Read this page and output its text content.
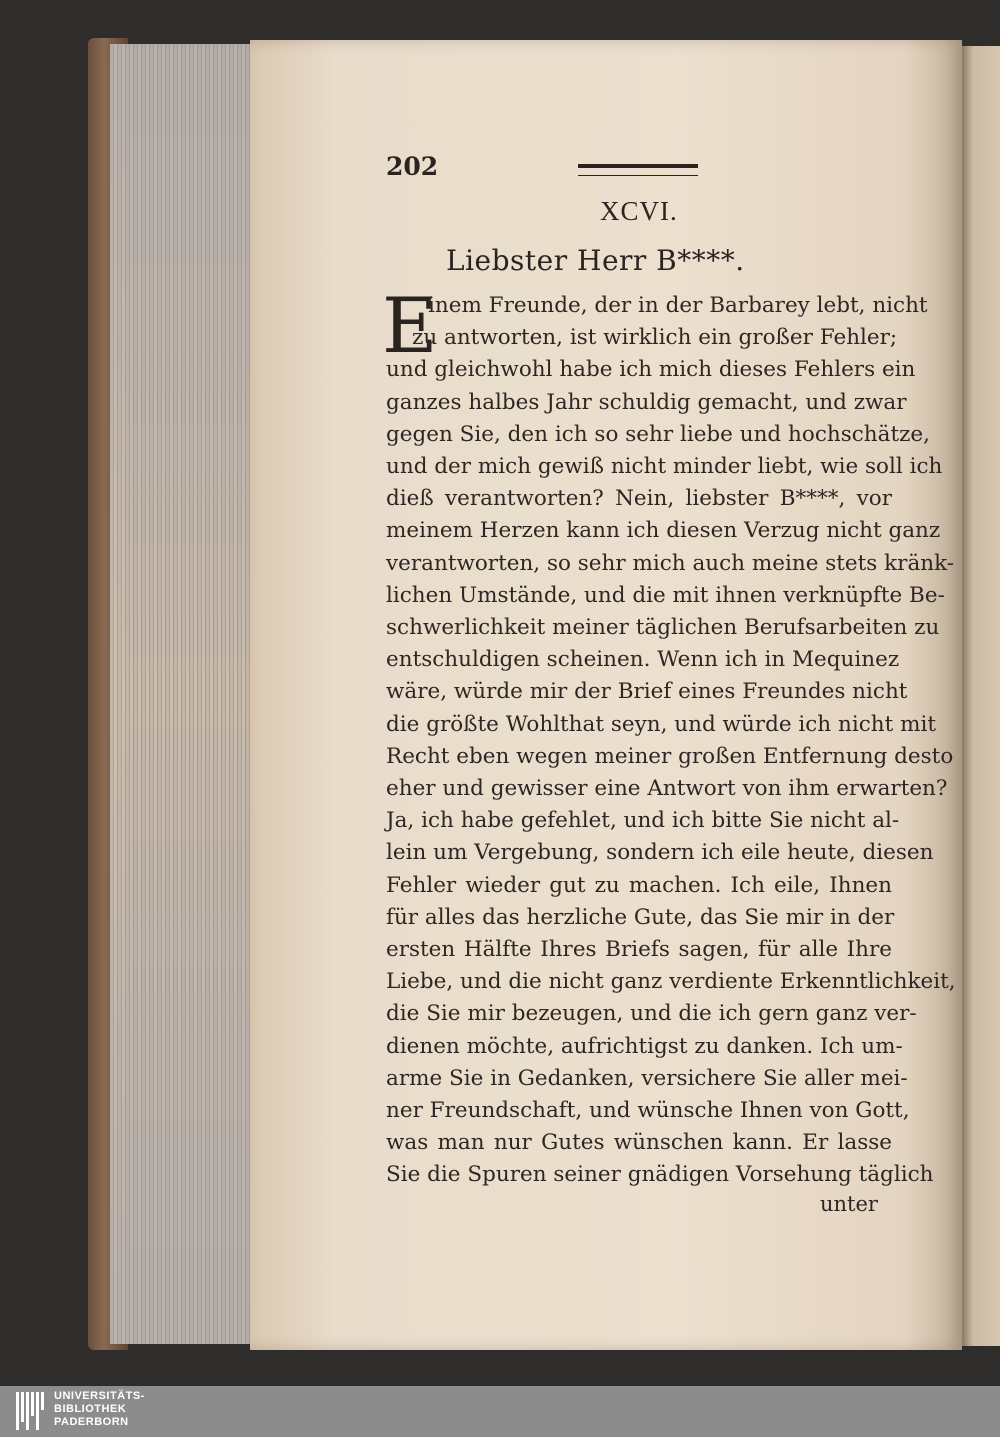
202
XCVI.
Liebster Herr B****.
E
inem Freunde, der in der Barbarey lebt, nicht
zu antworten, ist wirklich ein großer Fehler;
und gleichwohl habe ich mich dieses Fehlers ein
ganzes halbes Jahr schuldig gemacht, und zwar
gegen Sie, den ich so sehr liebe und hochschätze,
und der mich gewiß nicht minder liebt, wie soll ich
dieß verantworten? Nein, liebster B****, vor
meinem Herzen kann ich diesen Verzug nicht ganz
verantworten, so sehr mich auch meine stets kränk-
lichen Umstände, und die mit ihnen verknüpfte Be-
schwerlichkeit meiner täglichen Berufsarbeiten zu
entschuldigen scheinen. Wenn ich in Mequinez
wäre, würde mir der Brief eines Freundes nicht
die größte Wohlthat seyn, und würde ich nicht mit
Recht eben wegen meiner großen Entfernung desto
eher und gewisser eine Antwort von ihm erwarten?
Ja, ich habe gefehlet, und ich bitte Sie nicht al-
lein um Vergebung, sondern ich eile heute, diesen
Fehler wieder gut zu machen. Ich eile, Ihnen
für alles das herzliche Gute, das Sie mir in der
ersten Hälfte Ihres Briefs sagen, für alle Ihre
Liebe, und die nicht ganz verdiente Erkenntlichkeit,
die Sie mir bezeugen, und die ich gern ganz ver-
dienen möchte, aufrichtigst zu danken. Ich um-
arme Sie in Gedanken, versichere Sie aller mei-
ner Freundschaft, und wünsche Ihnen von Gott,
was man nur Gutes wünschen kann. Er lasse
Sie die Spuren seiner gnädigen Vorsehung täglich
unter
UNIVERSITÄTS-
BIBLIOTHEK
PADERBORN
